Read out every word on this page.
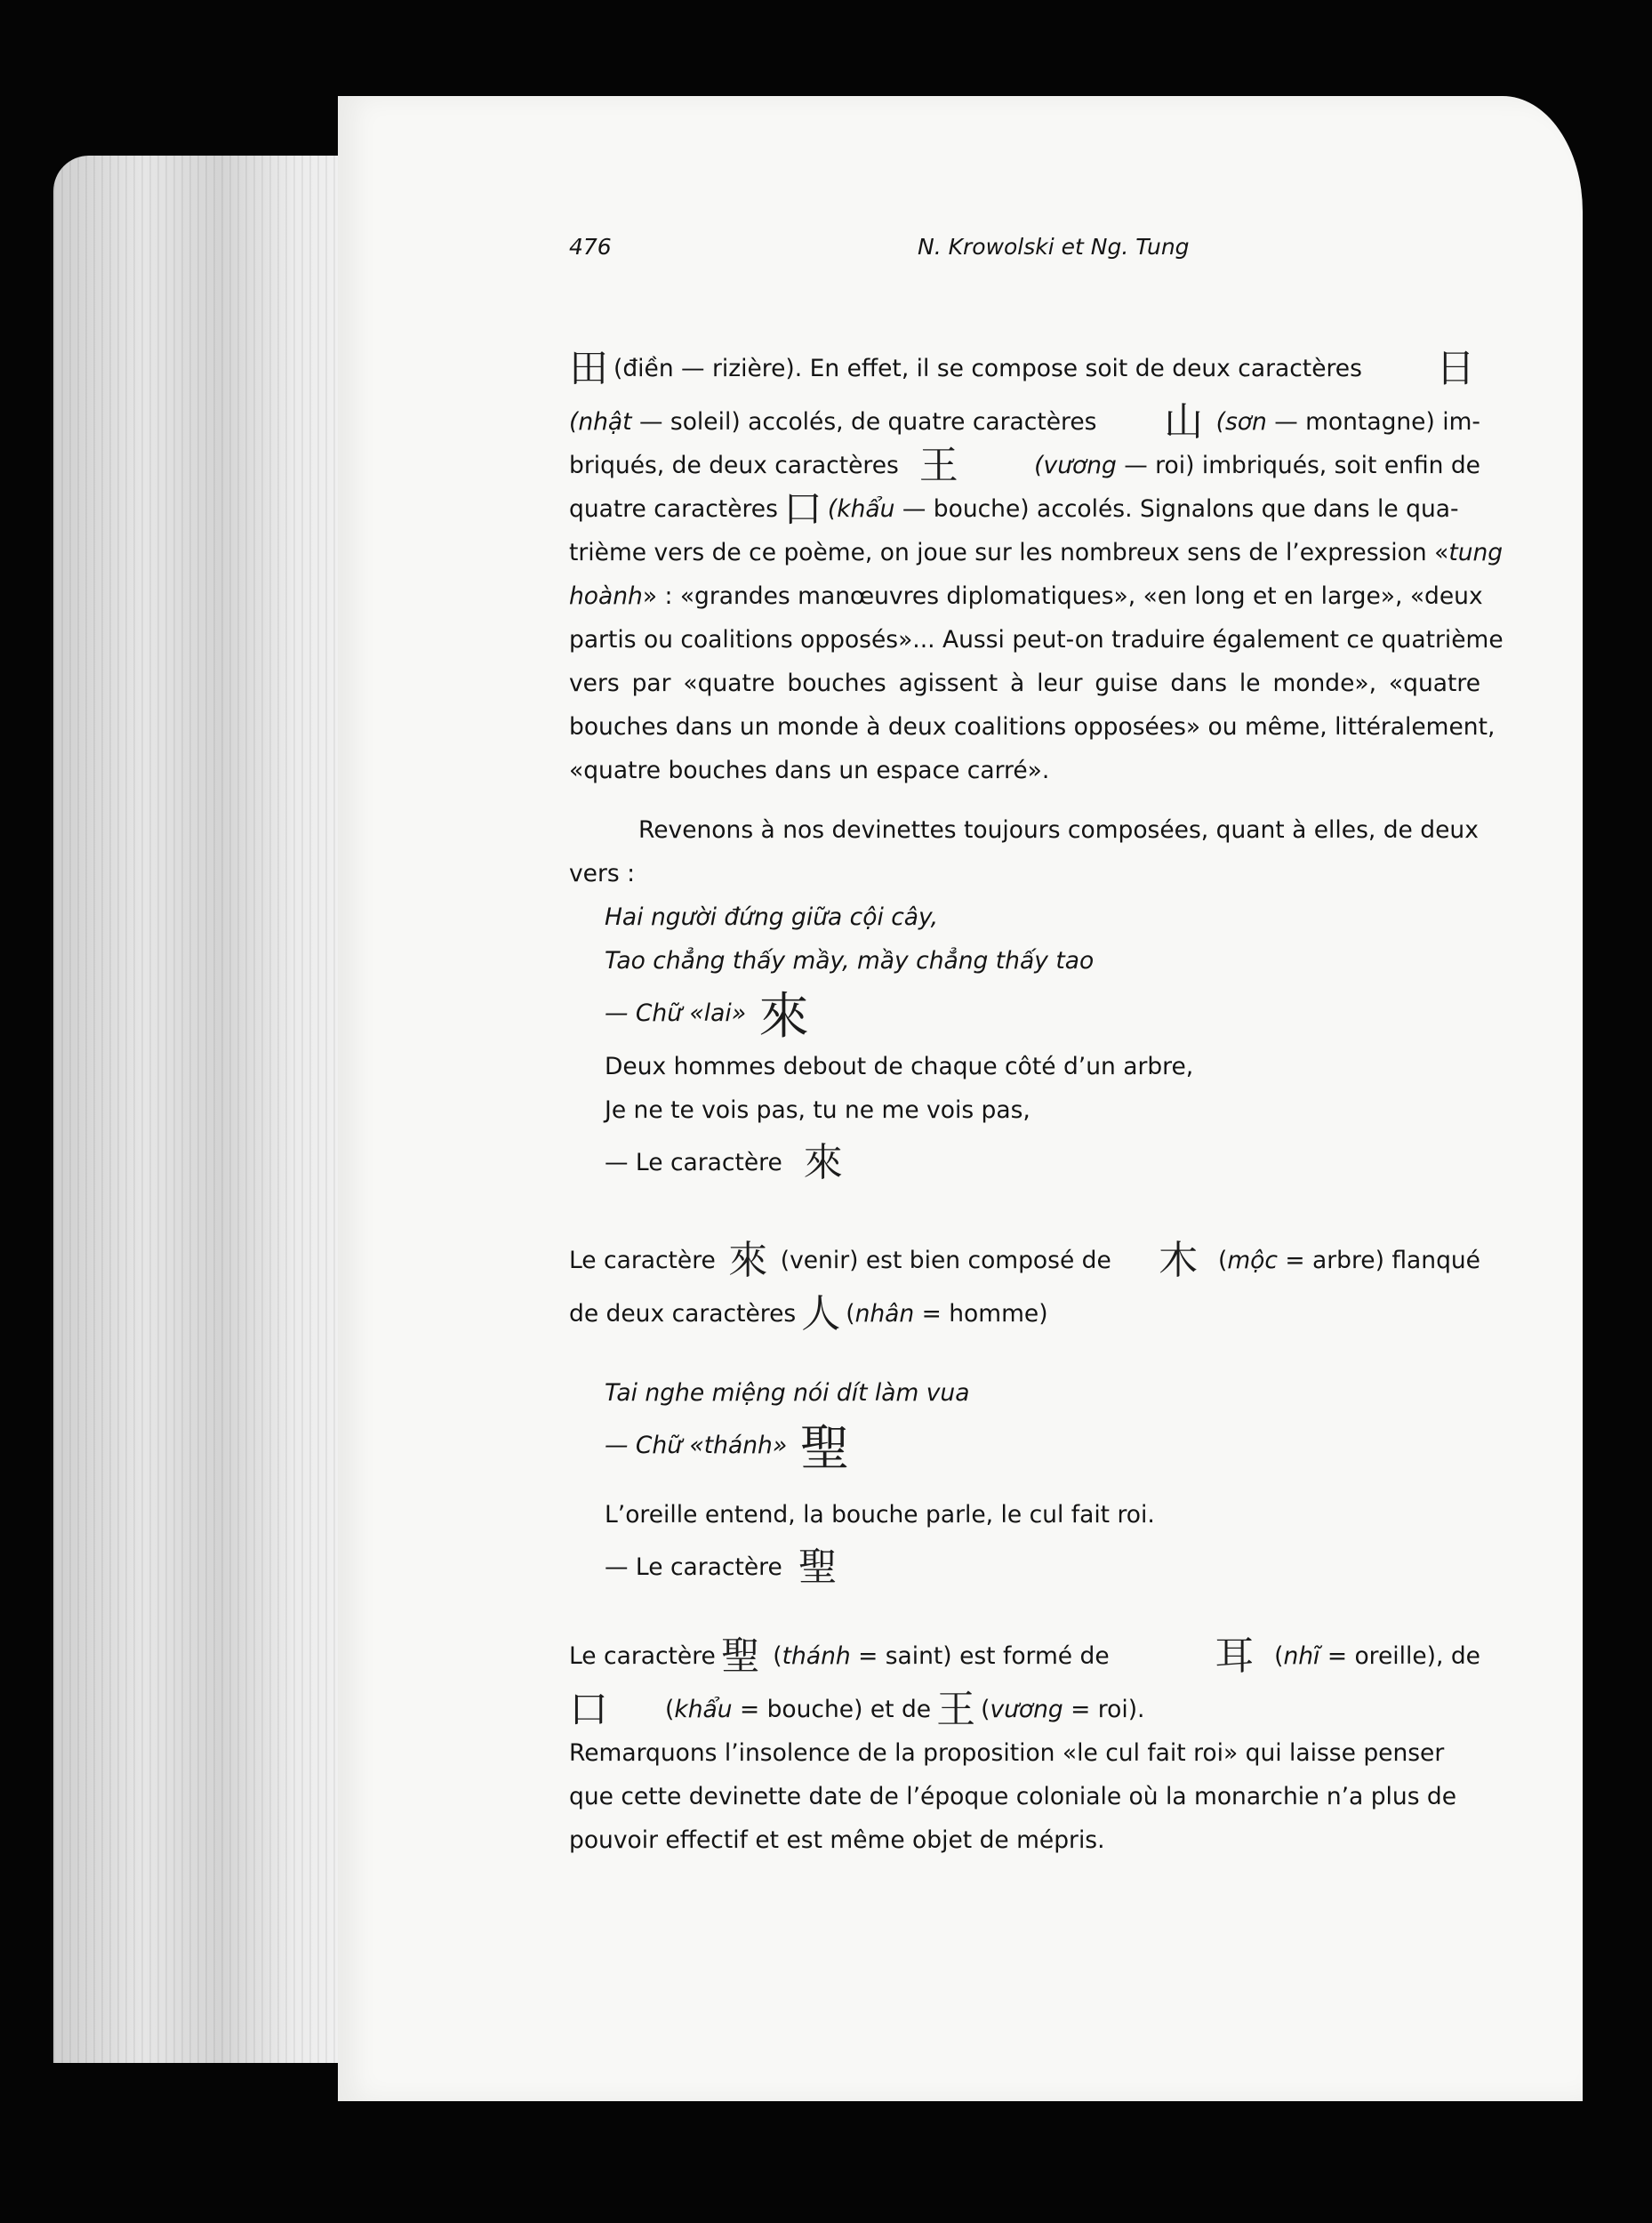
476	N. Krowolski et Ng. Tung
田 (điền — rizière). En effet, il se compose soit de deux caractères 日
(nhật — soleil) accolés, de quatre caractères 山 (sơn — montagne) im-
briqués, de deux caractères 王	(vương — roi) imbriqués, soit enfin de
quatre caractères 口 (khẩu — bouche) accolés. Signalons que dans le qua-
trième vers de ce poème, on joue sur les nombreux sens de l’expression «tung
hoành» : «grandes manœuvres diplomatiques», «en long et en large», «deux
partis ou coalitions opposés»... Aussi peut-on traduire également ce quatrième
vers par «quatre bouches agissent à leur guise dans le monde», «quatre
bouches dans un monde à deux coalitions opposées» ou même, littéralement,
«quatre bouches dans un espace carré».
Revenons à nos devinettes toujours composées, quant à elles, de deux
vers :
Hai người đứng giữa cội cây,
Tao chẳng thấy mầy, mầy chẳng thấy tao
— Chữ «lai» 來
Deux hommes debout de chaque côté d’un arbre,
Je ne te vois pas, tu ne me vois pas,
— Le caractère 來
Le caractère 來 (venir) est bien composé de 木 (mộc = arbre) flanqué
de deux caractères 人 (nhân = homme)
Tai nghe miệng nói dít làm vua
— Chữ «thánh» 聖
L’oreille entend, la bouche parle, le cul fait roi.
— Le caractère 聖
Le caractère 聖 (thánh = saint) est formé de	耳 (nhĩ = oreille), de
口 (khẩu = bouche) et de 王 (vương = roi).
Remarquons l’insolence de la proposition «le cul fait roi» qui laisse penser
que cette devinette date de l’époque coloniale où la monarchie n’a plus de
pouvoir effectif et est même objet de mépris.
